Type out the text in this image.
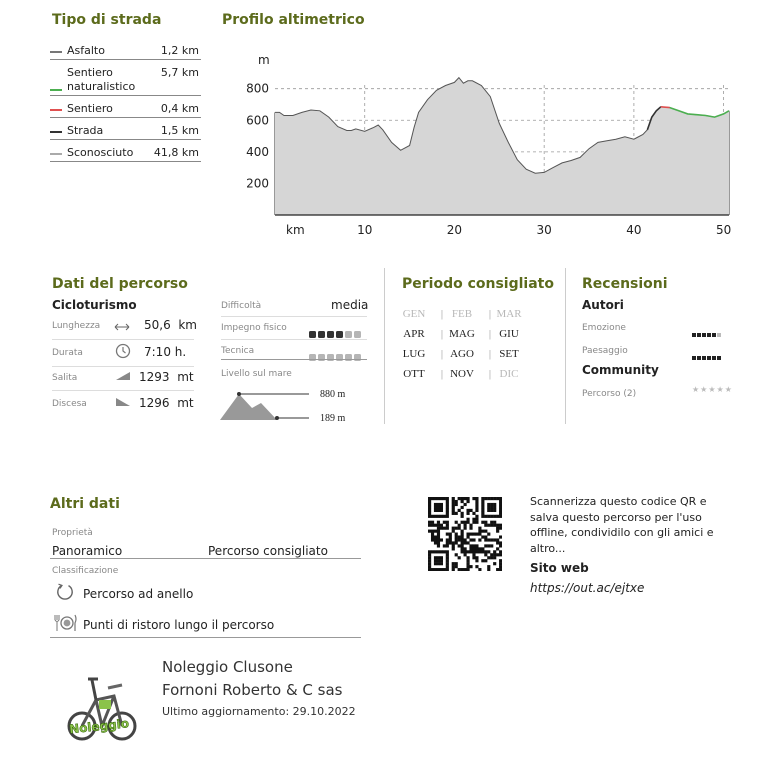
Tipo di strada
Asfalto	1,2 km
Sentiero
naturalistico
5,7 km
Sentiero	0,4 km
Strada	1,5 km
Sconosciuto 41,8 km
Profilo altimetrico
m
km
800
600
400
200
10	20	30	40	50
Dati del percorso
Cicloturismo
Lunghezza	50,6 km
Durata	7:10 h.
Salita	1293 mt
Discesa	1296 mt
Difficoltà	media
Impegno fisico
Tecnica
Livello sul mare
880 m
189 m
Periodo consigliato
GEN	| FEB	| MAR
APR	| MAG	| GIU
LUG	| AGO	| SET
OTT	| NOV	| DIC
Recensioni
Autori
Emozione
Paesaggio
Community
Percorso (2)	★★★★★
Altri dati
Proprietà
Panoramico	Percorso consigliato
Classificazione
Percorso ad anello
Punti di ristoro lungo il percorso
Scannerizza questo codice QR e
salva questo percorso per l'uso
offline, condividilo con gli amici e
altro...
Sito web
https://out.ac/ejtxe
Noleggio
Noleggio Clusone
Fornoni Roberto & C sas
Ultimo aggiornamento: 29.10.2022
